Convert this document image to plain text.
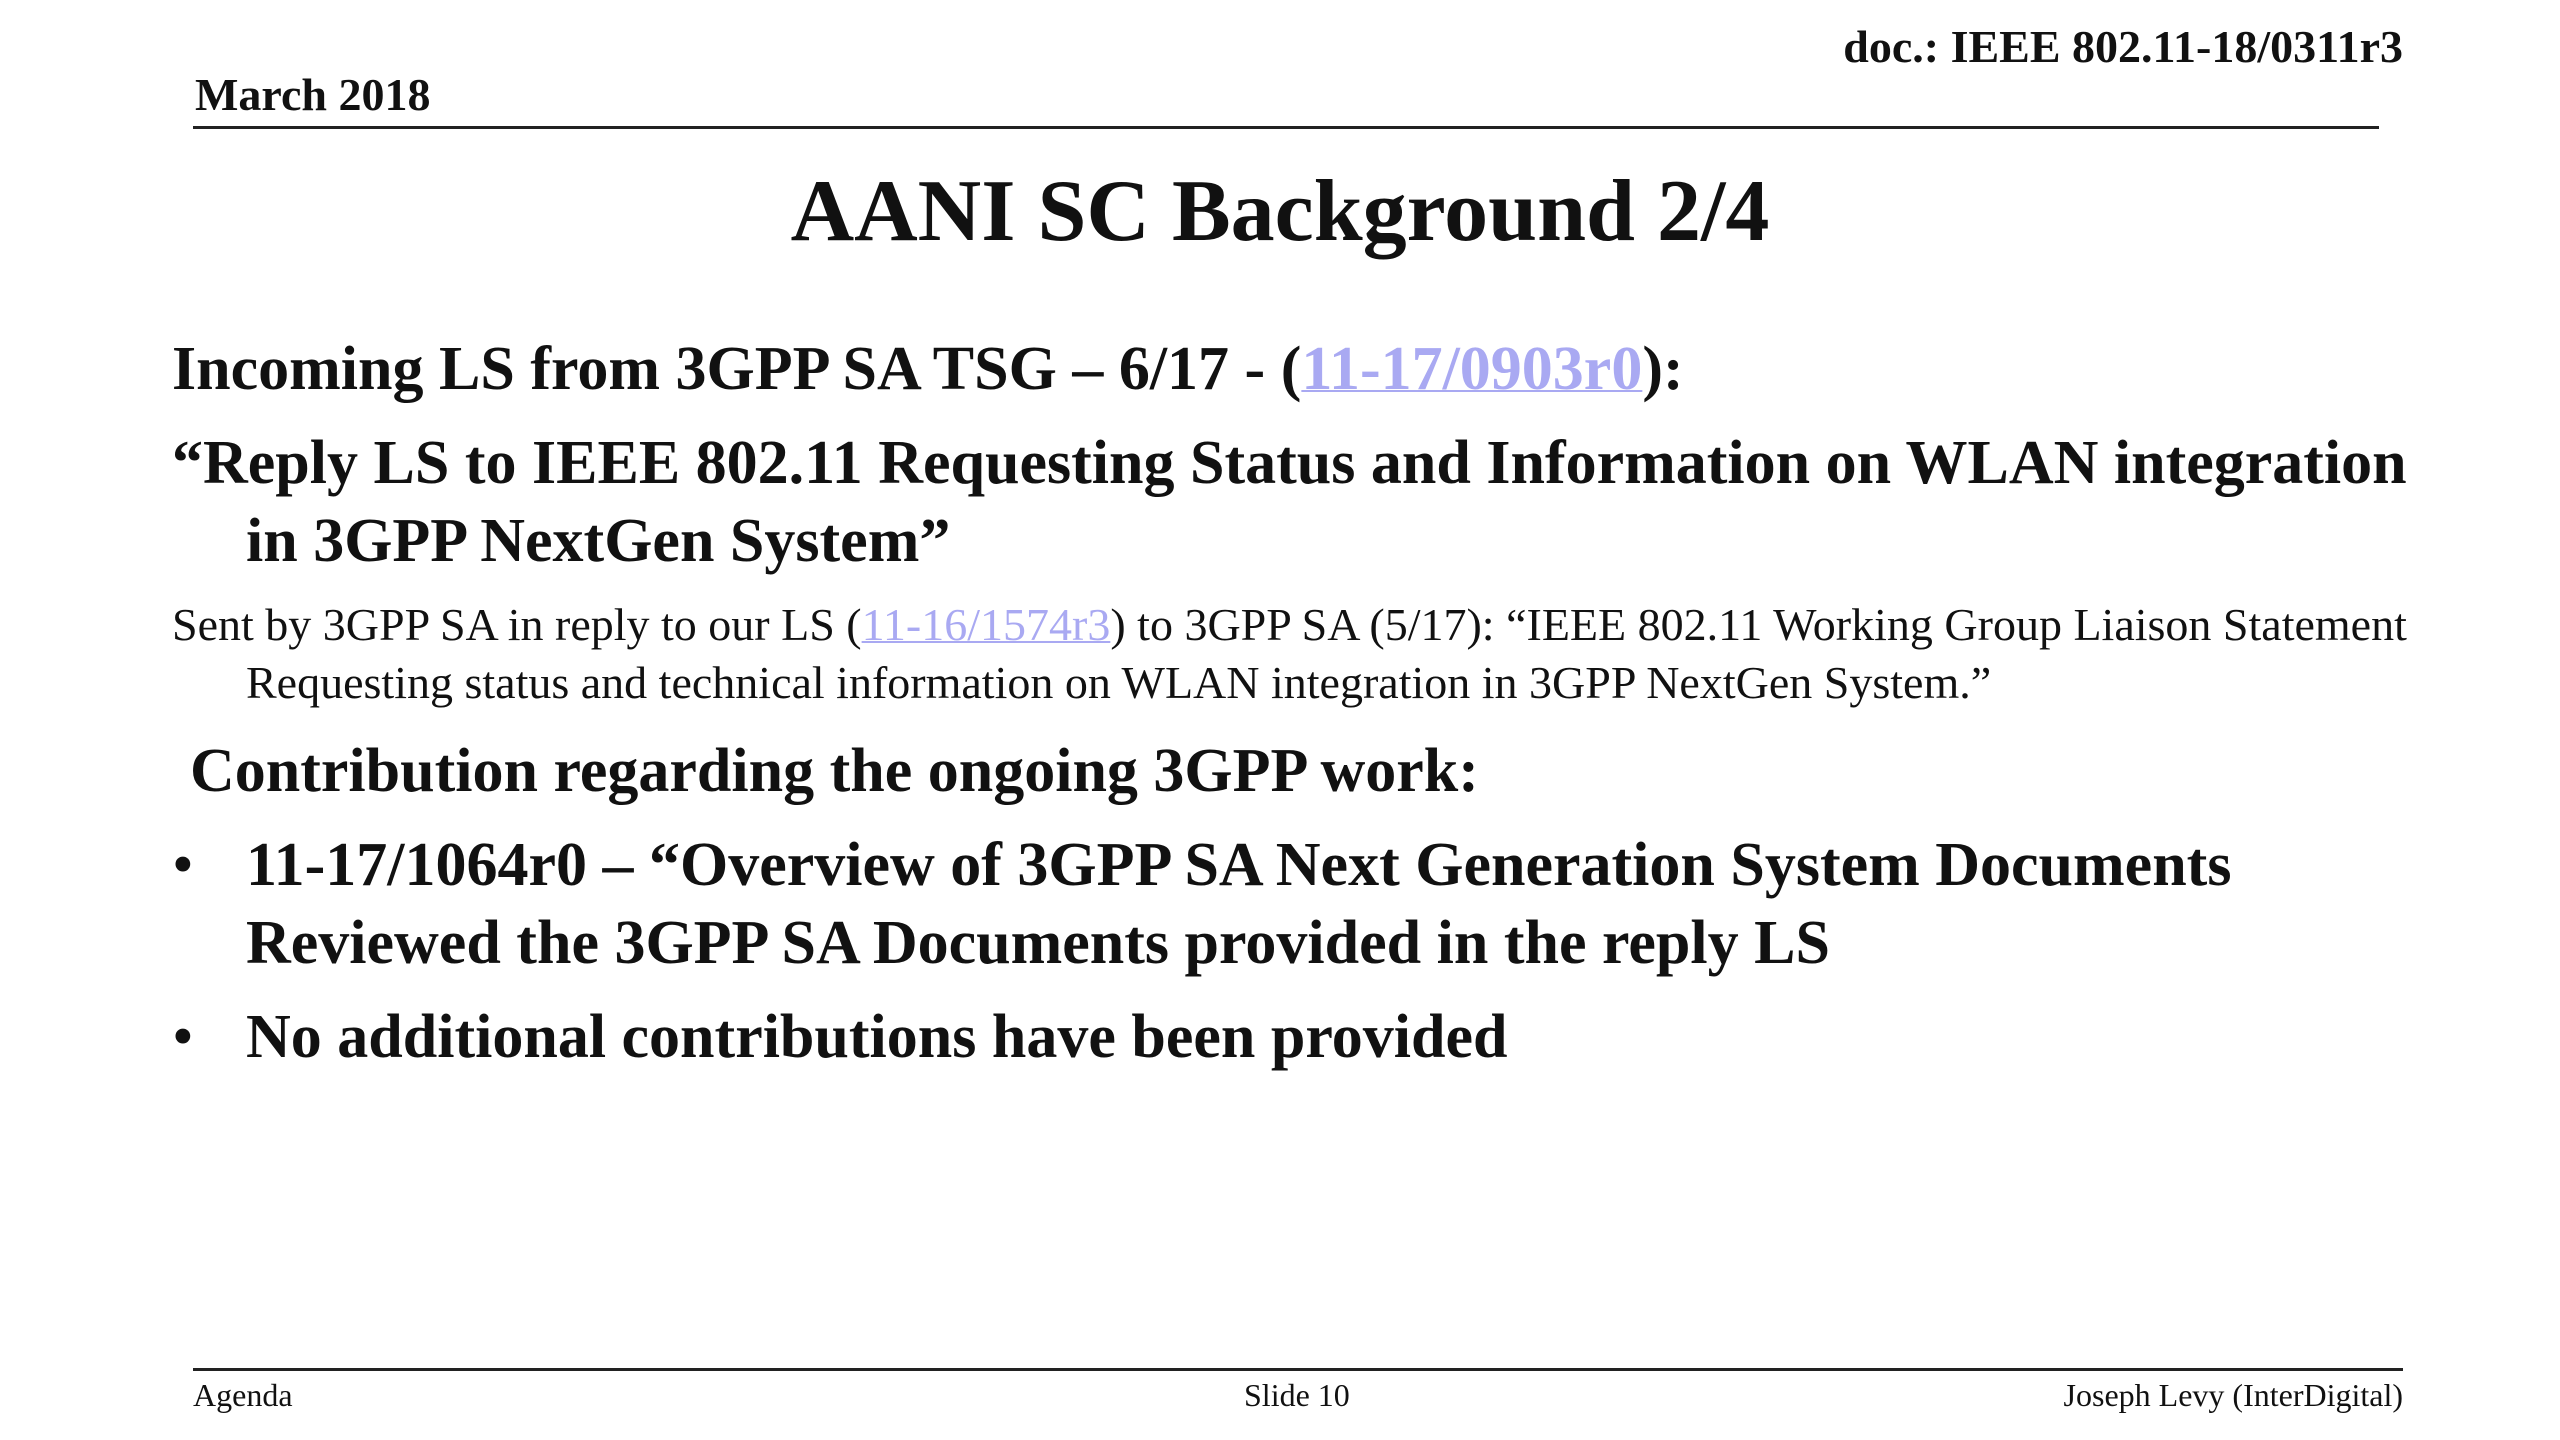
March 2018
doc.: IEEE 802.11-18/0311r3
AANI SC Background 2/4

Incoming LS from 3GPP SA TSG – 6/17 - (11-17/0903r0):

“Reply LS to IEEE 802.11 Requesting Status and Information on WLAN integration in 3GPP NextGen System”

Sent by 3GPP SA in reply to our LS (11-16/1574r3) to 3GPP SA (5/17): “IEEE 802.11 Working Group Liaison Statement Requesting status and technical information on WLAN integration in 3GPP NextGen System.”

Contribution regarding the ongoing 3GPP work:

• 11-17/1064r0 – “Overview of 3GPP SA Next Generation System Documents Reviewed the 3GPP SA Documents provided in the reply LS
• No additional contributions have been provided
Agenda	Slide 10	Joseph Levy (InterDigital)
